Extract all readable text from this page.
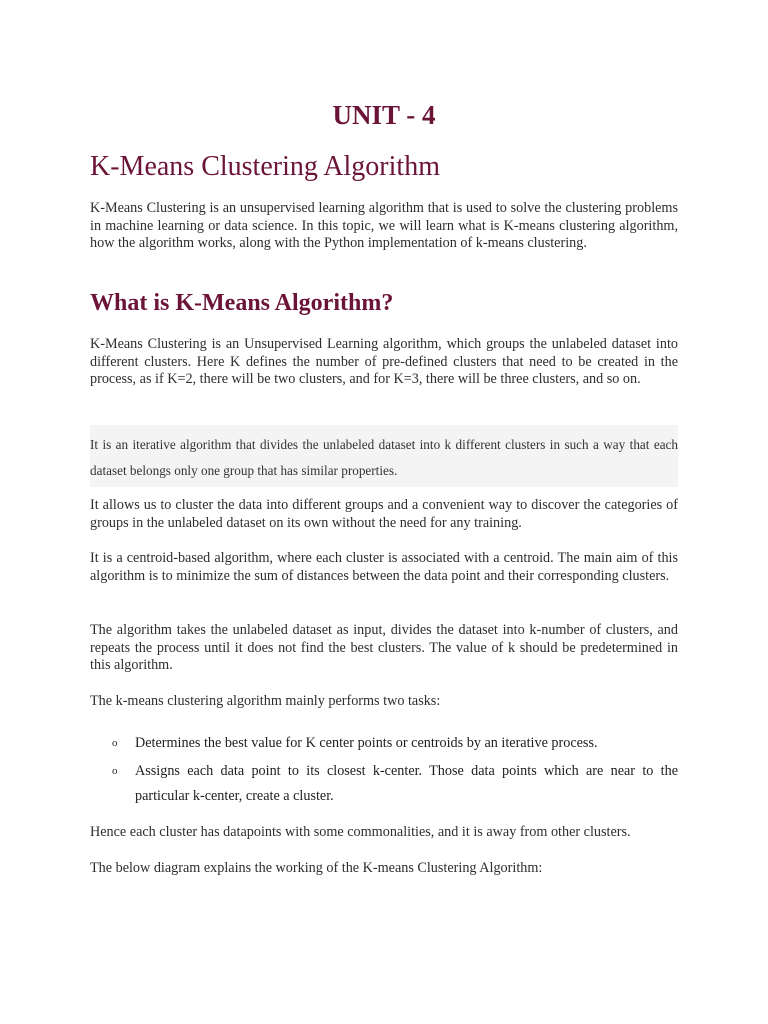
UNIT - 4
K-Means Clustering Algorithm

K-Means Clustering is an unsupervised learning algorithm that is used to solve the clustering problems in machine learning or data science. In this topic, we will learn what is K-means clustering algorithm, how the algorithm works, along with the Python implementation of k-means clustering.

What is K-Means Algorithm?

K-Means Clustering is an Unsupervised Learning algorithm, which groups the unlabeled dataset into different clusters. Here K defines the number of pre-defined clusters that need to be created in the process, as if K=2, there will be two clusters, and for K=3, there will be three clusters, and so on.

It is an iterative algorithm that divides the unlabeled dataset into k different clusters in such a way that each dataset belongs only one group that has similar properties.

It allows us to cluster the data into different groups and a convenient way to discover the categories of groups in the unlabeled dataset on its own without the need for any training.

It is a centroid-based algorithm, where each cluster is associated with a centroid. The main aim of this algorithm is to minimize the sum of distances between the data point and their corresponding clusters.

The algorithm takes the unlabeled dataset as input, divides the dataset into k-number of clusters, and repeats the process until it does not find the best clusters. The value of k should be predetermined in this algorithm.

The k-means clustering algorithm mainly performs two tasks:

o Determines the best value for K center points or centroids by an iterative process.
o Assigns each data point to its closest k-center. Those data points which are near to the particular k-center, create a cluster.

Hence each cluster has datapoints with some commonalities, and it is away from other clusters.

The below diagram explains the working of the K-means Clustering Algorithm:
